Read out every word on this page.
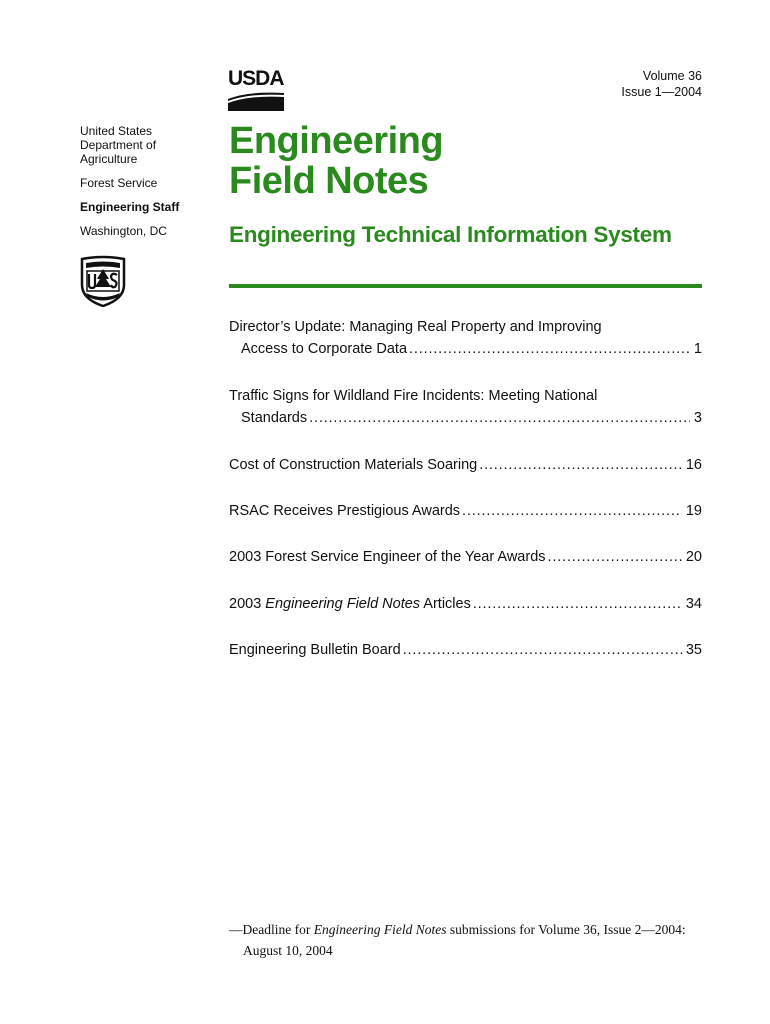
USDA	Volume 36
Issue 1—2004
United States Department of Agriculture
Forest Service
Engineering Staff
Washington, DC
Engineering
Field Notes
Engineering Technical Information System
Director’s Update: Managing Real Property and Improving
Access to Corporate Data . . .	1
Traffic Signs for Wildland Fire Incidents: Meeting National
Standards . . .	3
Cost of Construction Materials Soaring . . .	16
RSAC Receives Prestigious Awards . . .	19
2003 Forest Service Engineer of the Year Awards . . .	20
2003 Engineering Field Notes Articles . . .	34
Engineering Bulletin Board . . .	35
—Deadline for Engineering Field Notes submissions for Volume 36, Issue 2—2004:
August 10, 2004
